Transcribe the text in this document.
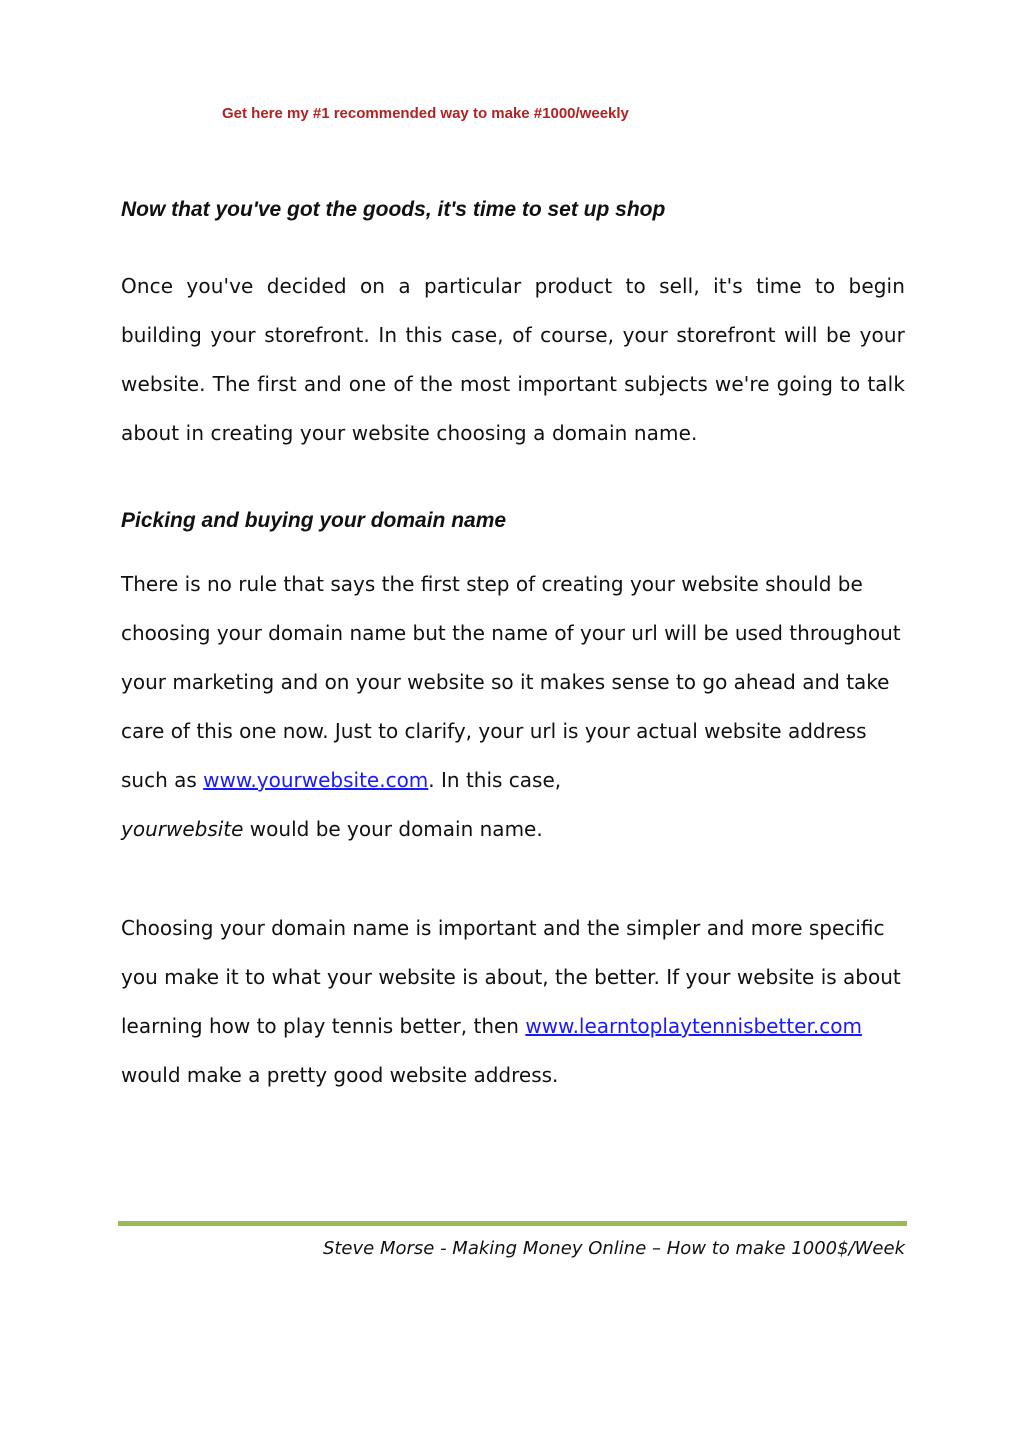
Get here my #1 recommended way to make #1000/weekly
Now that you've got the goods, it's time to set up shop

Once you've decided on a particular product to sell, it's time to begin building your storefront. In this case, of course, your storefront will be your website. The first and one of the most important subjects we're going to talk about in creating your website choosing a domain name.

Picking and buying your domain name

There is no rule that says the first step of creating your website should be choosing your domain name but the name of your url will be used throughout your marketing and on your website so it makes sense to go ahead and take care of this one now. Just to clarify, your url is your actual website address such as www.yourwebsite.com. In this case,
yourwebsite would be your domain name.

Choosing your domain name is important and the simpler and more specific you make it to what your website is about, the better. If your website is about learning how to play tennis better, then www.learntoplaytennisbetter.com would make a pretty good website address.

Steve Morse - Making Money Online – How to make 1000$/Week
